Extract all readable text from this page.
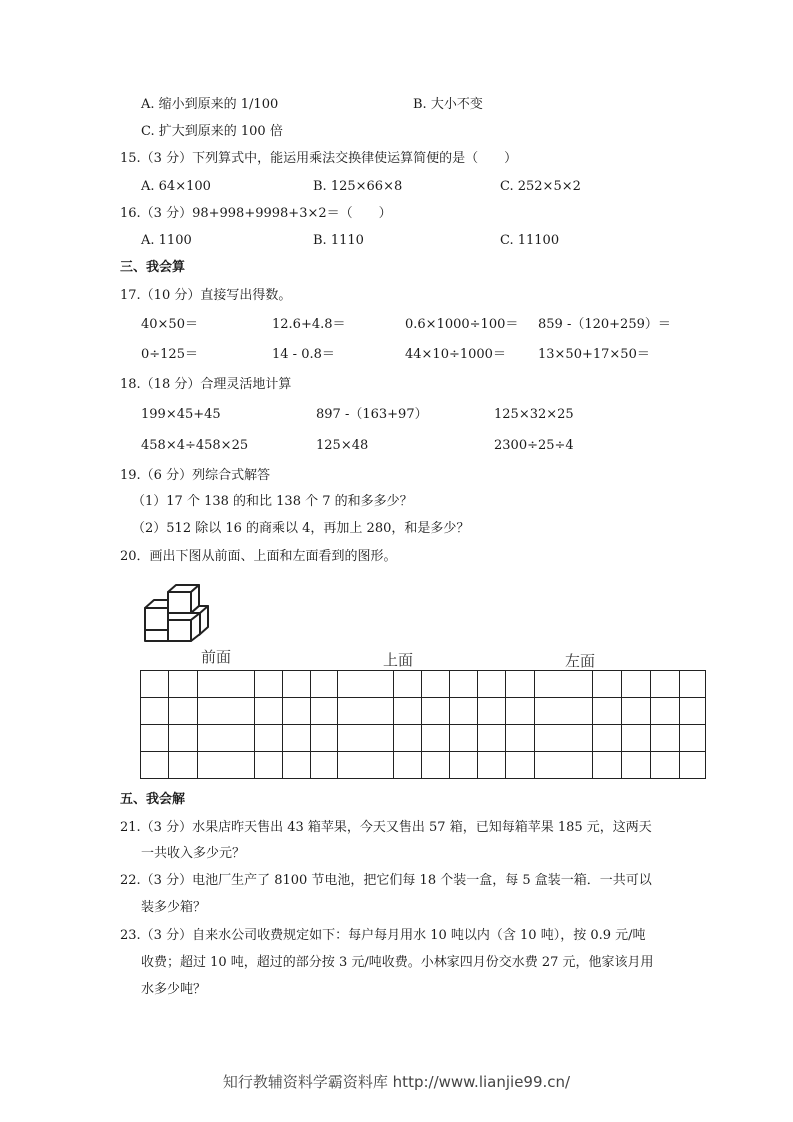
A. 缩小到原来的 1/100	B. 大小不变
C. 扩大到原来的 100 倍
15.（3 分）下列算式中，能运用乘法交换律使运算简便的是（　　）
A. 64×100	B. 125×66×8	C. 252×5×2
16.（3 分）98+998+9998+3×2＝（　　）
A. 1100	B. 1110	C. 11100
三、我会算
17.（10 分）直接写出得数。
40×50＝	12.6+4.8＝	0.6×1000÷100＝ 859 -（120+259）＝
0÷125＝	14 - 0.8＝	44×10÷1000＝ 13×50+17×50＝
18.（18 分）合理灵活地计算
199×45+45	897 -（163+97）	125×32×25
458×4÷458×25	125×48	2300÷25÷4
19.（6 分）列综合式解答
（1）17 个 138 的和比 138 个 7 的和多多少？
（2）512 除以 16 的商乘以 4，再加上 280，和是多少？
20．画出下图从前面、上面和左面看到的图形。
前面	上面	左面

五、我会解
21.（3 分）水果店昨天售出 43 箱苹果，今天又售出 57 箱，已知每箱苹果 185 元，这两天
一共收入多少元？
22.（3 分）电池厂生产了 8100 节电池，把它们每 18 个装一盒，每 5 盒装一箱．一共可以
装多少箱？
23.（3 分）自来水公司收费规定如下：每户每月用水 10 吨以内（含 10 吨），按 0.9 元/吨
收费；超过 10 吨，超过的部分按 3 元/吨收费。小林家四月份交水费 27 元，他家该月用
水多少吨？
知行教辅资料学霸资料库 http://www.lianjie99.cn/
